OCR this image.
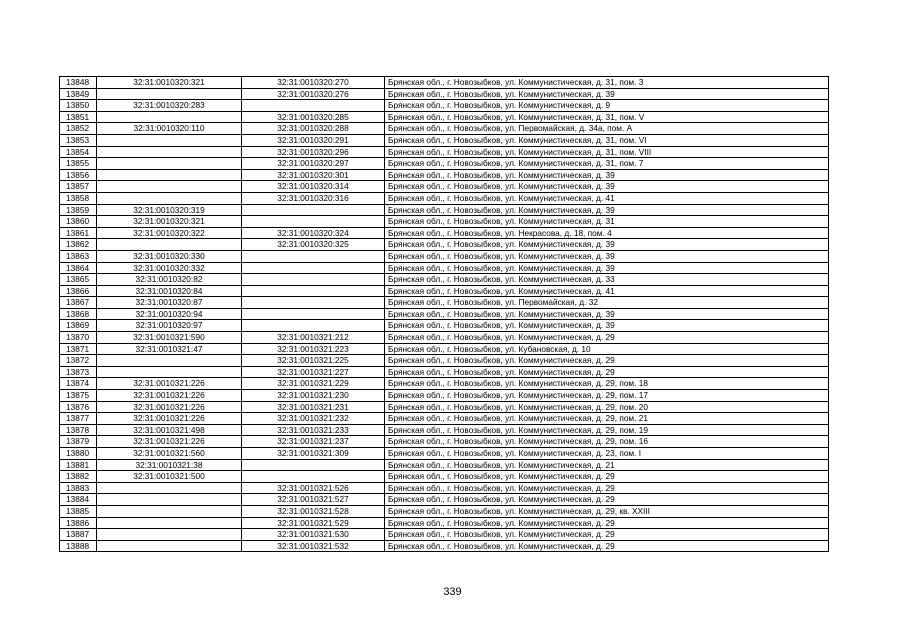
13848	32:31:0010320:321	32:31:0010320:270	Брянская обл., г. Новозыбков, ул. Коммунистическая, д. 31, пом. 3
13849		32:31:0010320:276	Брянская обл., г. Новозыбков, ул. Коммунистическая, д. 39
13850	32:31:0010320:283		Брянская обл., г. Новозыбков, ул. Коммунистическая, д. 9
13851		32:31:0010320:285	Брянская обл., г. Новозыбков, ул. Коммунистическая, д. 31, пом. V
13852	32:31:0010320:110	32:31:0010320:288	Брянская обл., г. Новозыбков, ул. Первомайская, д. 34а, пом. А
13853		32:31:0010320:291	Брянская обл., г. Новозыбков, ул. Коммунистическая, д. 31, пом. VI
13854		32:31:0010320:296	Брянская обл., г. Новозыбков, ул. Коммунистическая, д. 31, пом. VIII
13855		32:31:0010320:297	Брянская обл., г. Новозыбков, ул. Коммунистическая, д. 31, пом. 7
13856		32:31:0010320:301	Брянская обл., г. Новозыбков, ул. Коммунистическая, д. 39
13857		32:31:0010320:314	Брянская обл., г. Новозыбков, ул. Коммунистическая, д. 39
13858		32:31:0010320:316	Брянская обл., г. Новозыбков, ул. Коммунистическая, д. 41
13859	32:31:0010320:319		Брянская обл., г. Новозыбков, ул. Коммунистическая, д. 39
13860	32:31:0010320:321		Брянская обл., г. Новозыбков, ул. Коммунистическая, д. 31
13861	32:31:0010320:322	32:31:0010320:324	Брянская обл., г. Новозыбков, ул. Некрасова, д. 18, пом. 4
13862		32:31:0010320:325	Брянская обл., г. Новозыбков, ул. Коммунистическая, д. 39
13863	32:31:0010320:330		Брянская обл., г. Новозыбков, ул. Коммунистическая, д. 39
13864	32:31:0010320:332		Брянская обл., г. Новозыбков, ул. Коммунистическая, д. 39
13865	32:31:0010320:82		Брянская обл., г. Новозыбков, ул. Коммунистическая, д. 33
13866	32:31:0010320:84		Брянская обл., г. Новозыбков, ул. Коммунистическая, д. 41
13867	32:31:0010320:87		Брянская обл., г. Новозыбков, ул. Первомайская, д. 32
13868	32:31:0010320:94		Брянская обл., г. Новозыбков, ул. Коммунистическая, д. 39
13869	32:31:0010320:97		Брянская обл., г. Новозыбков, ул. Коммунистическая, д. 39
13870	32:31:0010321:590	32:31:0010321:212	Брянская обл., г. Новозыбков, ул. Коммунистическая, д. 29
13871	32:31:0010321:47	32:31:0010321:223	Брянская обл., г. Новозыбков, ул. Кубановская, д. 10
13872		32:31:0010321:225	Брянская обл., г. Новозыбков, ул. Коммунистическая, д. 29
13873		32:31:0010321:227	Брянская обл., г. Новозыбков, ул. Коммунистическая, д. 29
13874	32:31:0010321:226	32:31:0010321:229	Брянская обл., г. Новозыбков, ул. Коммунистическая, д. 29, пом. 18
13875	32:31:0010321:226	32:31:0010321:230	Брянская обл., г. Новозыбков, ул. Коммунистическая, д. 29, пом. 17
13876	32:31:0010321:226	32:31:0010321:231	Брянская обл., г. Новозыбков, ул. Коммунистическая, д. 29, пом. 20
13877	32:31:0010321:226	32:31:0010321:232	Брянская обл., г. Новозыбков, ул. Коммунистическая, д. 29, пом. 21
13878	32:31:0010321:498	32:31:0010321:233	Брянская обл., г. Новозыбков, ул. Коммунистическая, д. 29, пом. 19
13879	32:31:0010321:226	32:31:0010321:237	Брянская обл., г. Новозыбков, ул. Коммунистическая, д. 29, пом. 16
13880	32:31:0010321:560	32:31:0010321:309	Брянская обл., г. Новозыбков, ул. Коммунистическая, д. 23, пом. I
13881	32:31:0010321:38		Брянская обл., г. Новозыбков, ул. Коммунистическая, д. 21
13882	32:31:0010321:500		Брянская обл., г. Новозыбков, ул. Коммунистическая, д. 29
13883		32:31:0010321:526	Брянская обл., г. Новозыбков, ул. Коммунистическая, д. 29
13884		32:31:0010321:527	Брянская обл., г. Новозыбков, ул. Коммунистическая, д. 29
13885		32:31:0010321:528	Брянская обл., г. Новозыбков, ул. Коммунистическая, д. 29, кв. XXIII
13886		32:31:0010321:529	Брянская обл., г. Новозыбков, ул. Коммунистическая, д. 29
13887		32:31:0010321:530	Брянская обл., г. Новозыбков, ул. Коммунистическая, д. 29
13888		32:31:0010321:532	Брянская обл., г. Новозыбков, ул. Коммунистическая, д. 29
339
